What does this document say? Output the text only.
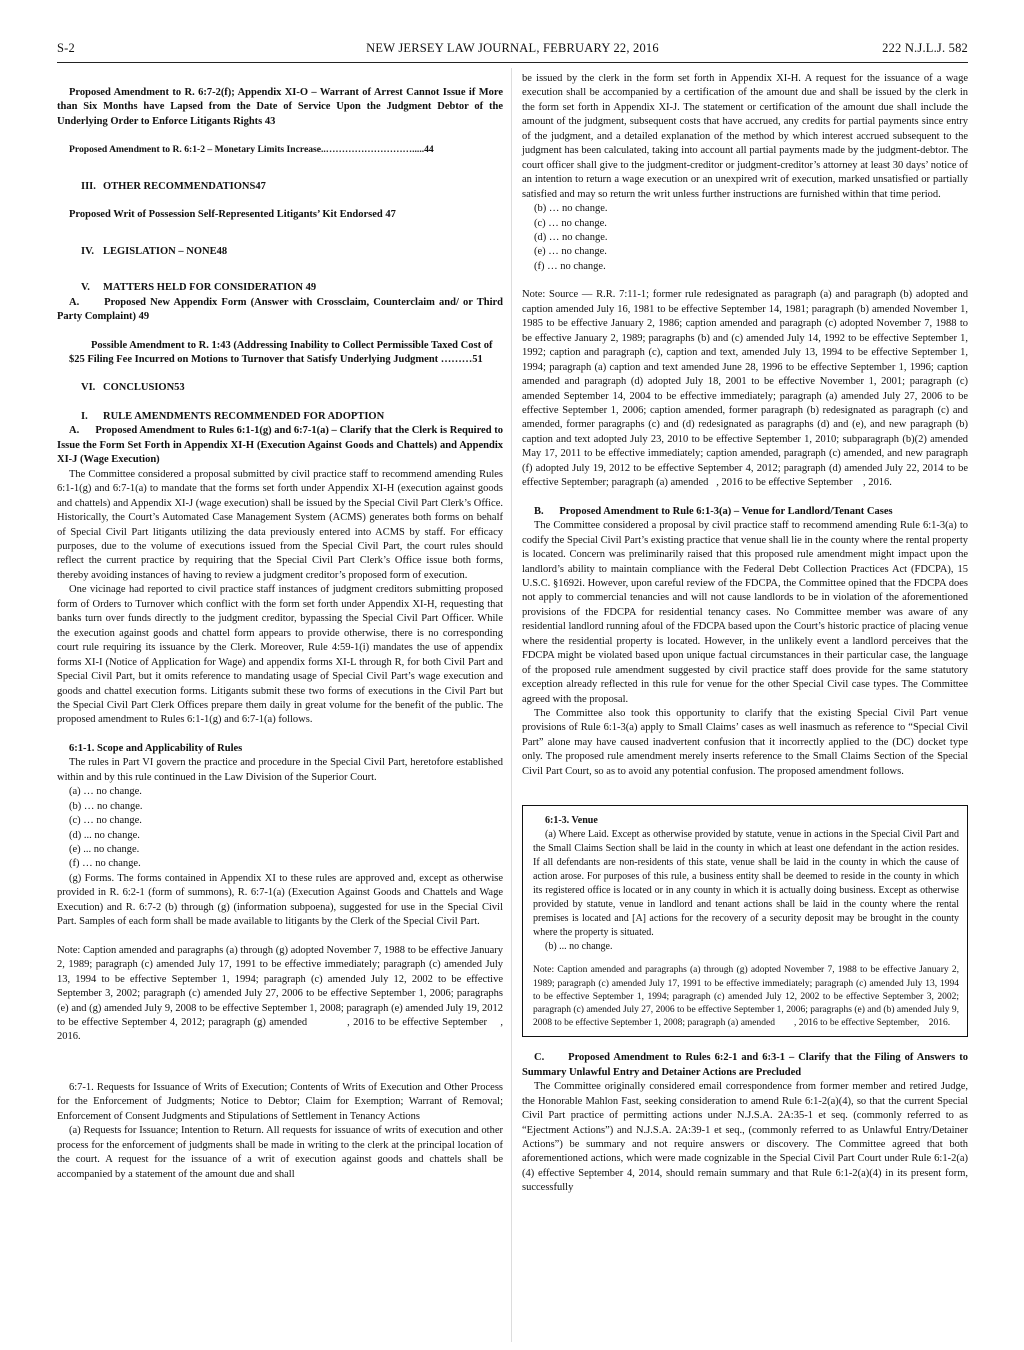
S-2	NEW JERSEY LAW JOURNAL, FEBRUARY 22, 2016	222 N.J.L.J. 582

Proposed Amendment to R. 6:7-2(f); Appendix XI-O – Warrant of Arrest Cannot Issue if More than Six Months have Lapsed from the Date of Service Upon the Judgment Debtor of the Underlying Order to Enforce Litigants Rights 43

Proposed Amendment to R. 6:1-2 – Monetary Limits Increase..……………………….....44

III. OTHER RECOMMENDATIONS47

Proposed Writ of Possession Self-Represented Litigants’ Kit Endorsed 47

IV. LEGISLATION – NONE48

V. MATTERS HELD FOR CONSIDERATION 49

A.      Proposed New Appendix Form (Answer with Crossclaim, Counterclaim and/ or Third Party Complaint) 49

Possible Amendment to R. 1:43 (Addressing Inability to Collect Permissible Taxed Cost of

$25 Filing Fee Incurred on Motions to Turnover that Satisfy Underlying Judgment ………51

VI. CONCLUSION53

I. RULE AMENDMENTS RECOMMENDED FOR ADOPTION

A.      Proposed Amendment to Rules 6:1-1(g) and 6:7-1(a) – Clarify that the Clerk is Required to Issue the Form Set Forth in Appendix XI-H (Execution Against Goods and Chattels) and Appendix XI-J (Wage Execution)

The Committee considered a proposal submitted by civil practice staff to recommend amending Rules 6:1-1(g) and 6:7-1(a) to mandate that the forms set forth under Appendix XI-H (execution against goods and chattels) and Appendix XI-J (wage execution) shall be issued by the Special Civil Part Clerk’s Office. Historically, the Court’s Automated Case Management System (ACMS) generates both forms on behalf of Special Civil Part litigants utilizing the data previously entered into ACMS by staff. For efficacy purposes, due to the volume of executions issued from the Special Civil Part, the court rules should reflect the current practice by requiring that the Special Civil Part Clerk’s Office issue both forms, thereby avoiding instances of having to review a judgment creditor’s proposed form of execution.

One vicinage had reported to civil practice staff instances of judgment creditors submitting proposed form of Orders to Turnover which conflict with the form set forth under Appendix XI-H, requesting that banks turn over funds directly to the judgment creditor, bypassing the Special Civil Part Officer. While the execution against goods and chattel form appears to provide otherwise, there is no corresponding court rule requiring its issuance by the Clerk. Moreover, Rule 4:59-1(i) mandates the use of appendix forms XI-I (Notice of Application for Wage) and appendix forms XI-L through R, for both Civil Part and Special Civil Part, but it omits reference to mandating usage of Special Civil Part’s wage execution and goods and chattel execution forms. Litigants submit these two forms of executions in the Civil Part but the Special Civil Part Clerk Offices prepare them daily in great volume for the benefit of the public. The proposed amendment to Rules 6:1-1(g) and 6:7-1(a) follows.

6:1-1. Scope and Applicability of Rules

The rules in Part VI govern the practice and procedure in the Special Civil Part, heretofore established within and by this rule continued in the Law Division of the Superior Court.

(a) … no change.

(b) … no change.

(c) … no change.

(d) ... no change.

(e) ... no change.

(f) … no change.

(g) Forms. The forms contained in Appendix XI to these rules are approved and, except as otherwise provided in R. 6:2-1 (form of summons), R. 6:7-1(a) (Execution Against Goods and Chattels and Wage Execution) and R. 6:7-2 (b) through (g) (information subpoena), suggested for use in the Special Civil Part. Samples of each form shall be made available to litigants by the Clerk of the Special Civil Part.

Note: Caption amended and paragraphs (a) through (g) adopted November 7, 1988 to be effective January 2, 1989; paragraph (c) amended July 17, 1991 to be effective immediately; paragraph (c) amended July 13, 1994 to be effective September 1, 1994; paragraph (c) amended July 12, 2002 to be effective September 3, 2002; paragraph (c) amended July 27, 2006 to be effective September 1, 2006; paragraphs (e) and (g) amended July 9, 2008 to be effective September 1, 2008; paragraph (e) amended July 19, 2012 to be effective September 4, 2012; paragraph (g) amended            , 2016 to be effective September    , 2016.

6:7-1. Requests for Issuance of Writs of Execution; Contents of Writs of Execution and Other Process for the Enforcement of Judgments; Notice to Debtor; Claim for Exemption; Warrant of Removal; Enforcement of Consent Judgments and Stipulations of Settlement in Tenancy Actions

(a) Requests for Issuance; Intention to Return. All requests for issuance of writs of execution and other process for the enforcement of judgments shall be made in writing to the clerk at the principal location of the court. A request for the issuance of a writ of execution against goods and chattels shall be accompanied by a statement of the amount due and shall

be issued by the clerk in the form set forth in Appendix XI-H. A request for the issuance of a wage execution shall be accompanied by a certification of the amount due and shall be issued by the clerk in the form set forth in Appendix XI-J. The statement or certification of the amount due shall include the amount of the judgment, subsequent costs that have accrued, any credits for partial payments since entry of the judgment, and a detailed explanation of the method by which interest accrued subsequent to the judgment has been calculated, taking into account all partial payments made by the judgment-debtor. The court officer shall give to the judgment-creditor or judgment-creditor’s attorney at least 30 days’ notice of an intention to return a wage execution or an unexpired writ of execution, marked unsatisfied or partially satisfied and may so return the writ unless further instructions are furnished within that time period.

(b) … no change.

(c) … no change.

(d) … no change.

(e) … no change.

(f) … no change.

Note: Source — R.R. 7:11-1; former rule redesignated as paragraph (a) and paragraph (b) adopted and caption amended July 16, 1981 to be effective September 14, 1981; paragraph (b) amended November 1, 1985 to be effective January 2, 1986; caption amended and paragraph (c) adopted November 7, 1988 to be effective January 2, 1989; paragraphs (b) and (c) amended July 14, 1992 to be effective September 1, 1992; caption and paragraph (c), caption and text, amended July 13, 1994 to be effective September 1, 1994; paragraph (a) caption and text amended June 28, 1996 to be effective September 1, 1996; caption amended and paragraph (d) adopted July 18, 2001 to be effective November 1, 2001; paragraph (c) amended September 14, 2004 to be effective immediately; paragraph (a) amended July 27, 2006 to be effective September 1, 2006; caption amended, former paragraph (b) redesignated as paragraph (c) and amended, former paragraphs (c) and (d) redesignated as paragraphs (d) and (e), and new paragraph (b) caption and text adopted July 23, 2010 to be effective September 1, 2010; subparagraph (b)(2) amended May 17, 2011 to be effective immediately; caption amended, paragraph (c) amended, and new paragraph (f) adopted July 19, 2012 to be effective September 4, 2012; paragraph (d) amended July 22, 2014 to be effective September; paragraph (a) amended   , 2016 to be effective September    , 2016.

B.      Proposed Amendment to Rule 6:1-3(a) – Venue for Landlord/Tenant Cases

The Committee considered a proposal by civil practice staff to recommend amending Rule 6:1-3(a) to codify the Special Civil Part’s existing practice that venue shall lie in the county where the rental property is located. Concern was preliminarily raised that this proposed rule amendment might impact upon the landlord’s ability to maintain compliance with the Federal Debt Collection Practices Act (FDCPA), 15 U.S.C. §1692i. However, upon careful review of the FDCPA, the Committee opined that the FDCPA does not apply to commercial tenancies and will not cause landlords to be in violation of the aforementioned provisions of the FDCPA for residential tenancy cases. No Committee member was aware of any residential landlord running afoul of the FDCPA based upon the Court’s historic practice of placing venue where the residential property is located. However, in the unlikely event a landlord perceives that the FDCPA might be violated based upon unique factual circumstances in their particular case, the language of the proposed rule amendment suggested by civil practice staff does provide for the same statutory exception already reflected in this rule for venue for the other Special Civil case types. The Committee agreed with the proposal.

The Committee also took this opportunity to clarify that the existing Special Civil Part venue provisions of Rule 6:1-3(a) apply to Small Claims’ cases as well inasmuch as reference to “Special Civil Part” alone may have caused inadvertent confusion that it incorrectly applied to the (DC) docket type only. The proposed rule amendment merely inserts reference to the Small Claims Section of the Special Civil Part Court, so as to avoid any potential confusion. The proposed amendment follows.

6:1-3. Venue

(a) Where Laid. Except as otherwise provided by statute, venue in actions in the Special Civil Part and the Small Claims Section shall be laid in the county in which at least one defendant in the action resides. If all defendants are non-residents of this state, venue shall be laid in the county in which the cause of action arose. For purposes of this rule, a business entity shall be deemed to reside in the county in which its registered office is located or in any county in which it is actually doing business. Except as otherwise provided by statute, venue in landlord and tenant actions shall be laid in the county where the rental premises is located and [A] actions for the recovery of a security deposit may be brought in the county where the property is situated.

(b) ... no change.

Note: Caption amended and paragraphs (a) through (g) adopted November 7, 1988 to be effective January 2, 1989; paragraph (c) amended July 17, 1991 to be effective immediately; paragraph (c) amended July 13, 1994 to be effective September 1, 1994; paragraph (c) amended July 12, 2002 to be effective September 3, 2002; paragraph (c) amended July 27, 2006 to be effective September 1, 2006; paragraphs (e) and (b) amended July 9, 2008 to be effective September 1, 2008; paragraph (a) amended        , 2016 to be effective September,    2016.

C.      Proposed Amendment to Rules 6:2-1 and 6:3-1 – Clarify that the Filing of Answers to Summary Unlawful Entry and Detainer Actions are Precluded

The Committee originally considered email correspondence from former member and retired Judge, the Honorable Mahlon Fast, seeking consideration to amend Rule 6:1-2(a)(4), so that the current Special Civil Part practice of permitting actions under N.J.S.A. 2A:35-1 et seq. (commonly referred to as “Ejectment Actions”) and N.J.S.A. 2A:39-1 et seq., (commonly referred to as Unlawful Entry/Detainer Actions”) be summary and not require answers or discovery. The Committee agreed that both aforementioned actions, which were made cognizable in the Special Civil Part Court under Rule 6:1-2(a)(4) effective September 4, 2014, should remain summary and that Rule 6:1-2(a)(4) in its present form, successfully
